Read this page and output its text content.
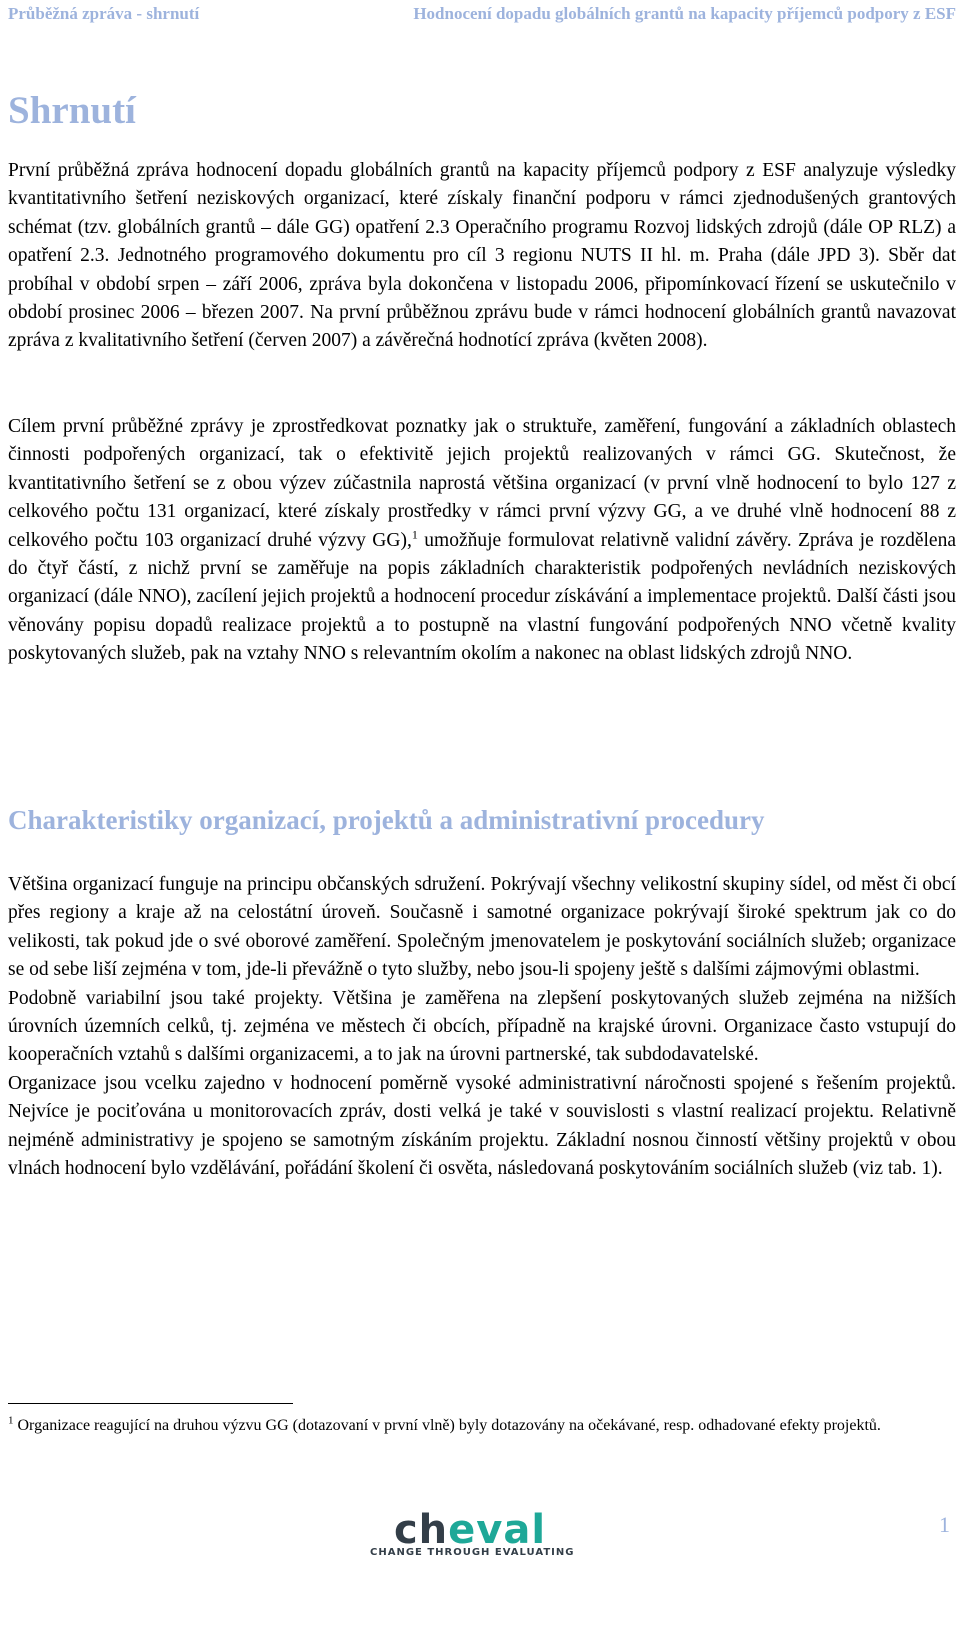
Průběžná zpráva - shrnutí	Hodnocení dopadu globálních grantů na kapacity příjemců podpory z ESF
Shrnutí

První průběžná zpráva hodnocení dopadu globálních grantů na kapacity příjemců podpory z ESF analyzuje výsledky kvantitativního šetření neziskových organizací, které získaly finanční podporu v rámci zjednodušených grantových schémat (tzv. globálních grantů – dále GG) opatření 2.3 Operačního programu Rozvoj lidských zdrojů (dále OP RLZ) a opatření 2.3. Jednotného programového dokumentu pro cíl 3 regionu NUTS II hl. m. Praha (dále JPD 3). Sběr dat probíhal v období srpen – září 2006, zpráva byla dokončena v listopadu 2006, připomínkovací řízení se uskutečnilo v období prosinec 2006 – březen 2007. Na první průběžnou zprávu bude v rámci hodnocení globálních grantů navazovat zpráva z kvalitativního šetření (červen 2007) a závěrečná hodnotící zpráva (květen 2008).

Cílem první průběžné zprávy je zprostředkovat poznatky jak o struktuře, zaměření, fungování a základních oblastech činnosti podpořených organizací, tak o efektivitě jejich projektů realizovaných v rámci GG. Skutečnost, že kvantitativního šetření se z obou výzev zúčastnila naprostá většina organizací (v první vlně hodnocení to bylo 127 z celkového počtu 131 organizací, které získaly prostředky v rámci první výzvy GG, a ve druhé vlně hodnocení 88 z celkového počtu 103 organizací druhé výzvy GG),$^1$ umožňuje formulovat relativně validní závěry. Zpráva je rozdělena do čtyř částí, z nichž první se zaměřuje na popis základních charakteristik podpořených nevládních neziskových organizací (dále NNO), zacílení jejich projektů a hodnocení procedur získávání a implementace projektů. Další části jsou věnovány popisu dopadů realizace projektů a to postupně na vlastní fungování podpořených NNO včetně kvality poskytovaných služeb, pak na vztahy NNO s relevantním okolím a nakonec na oblast lidských zdrojů NNO.

Charakteristiky organizací, projektů a administrativní procedury

Většina organizací funguje na principu občanských sdružení. Pokrývají všechny velikostní skupiny sídel, od měst či obcí přes regiony a kraje až na celostátní úroveň. Současně i samotné organizace pokrývají široké spektrum jak co do velikosti, tak pokud jde o své oborové zaměření. Společným jmenovatelem je poskytování sociálních služeb; organizace se od sebe liší zejména v tom, jde-li převážně o tyto služby, nebo jsou-li spojeny ještě s dalšími zájmovými oblastmi.

Podobně variabilní jsou také projekty. Většina je zaměřena na zlepšení poskytovaných služeb zejména na nižších úrovních územních celků, tj. zejména ve městech či obcích, případně na krajské úrovni. Organizace často vstupují do kooperačních vztahů s dalšími organizacemi, a to jak na úrovni partnerské, tak subdodavatelské.

Organizace jsou vcelku zajedno v hodnocení poměrně vysoké administrativní náročnosti spojené s řešením projektů. Nejvíce je pociťována u monitorovacích zpráv, dosti velká je také v souvislosti s vlastní realizací projektu. Relativně nejméně administrativy je spojeno se samotným získáním projektu. Základní nosnou činností většiny projektů v obou vlnách hodnocení bylo vzdělávání, pořádání školení či osvěta, následovaná poskytováním sociálních služeb (viz tab. 1).

$^1$ Organizace reagující na druhou výzvu GG (dotazovaní v první vlně) byly dotazovány na očekávané, resp. odhadované efekty projektů.
cheval
CHANGE THROUGH EVALUATING
1
